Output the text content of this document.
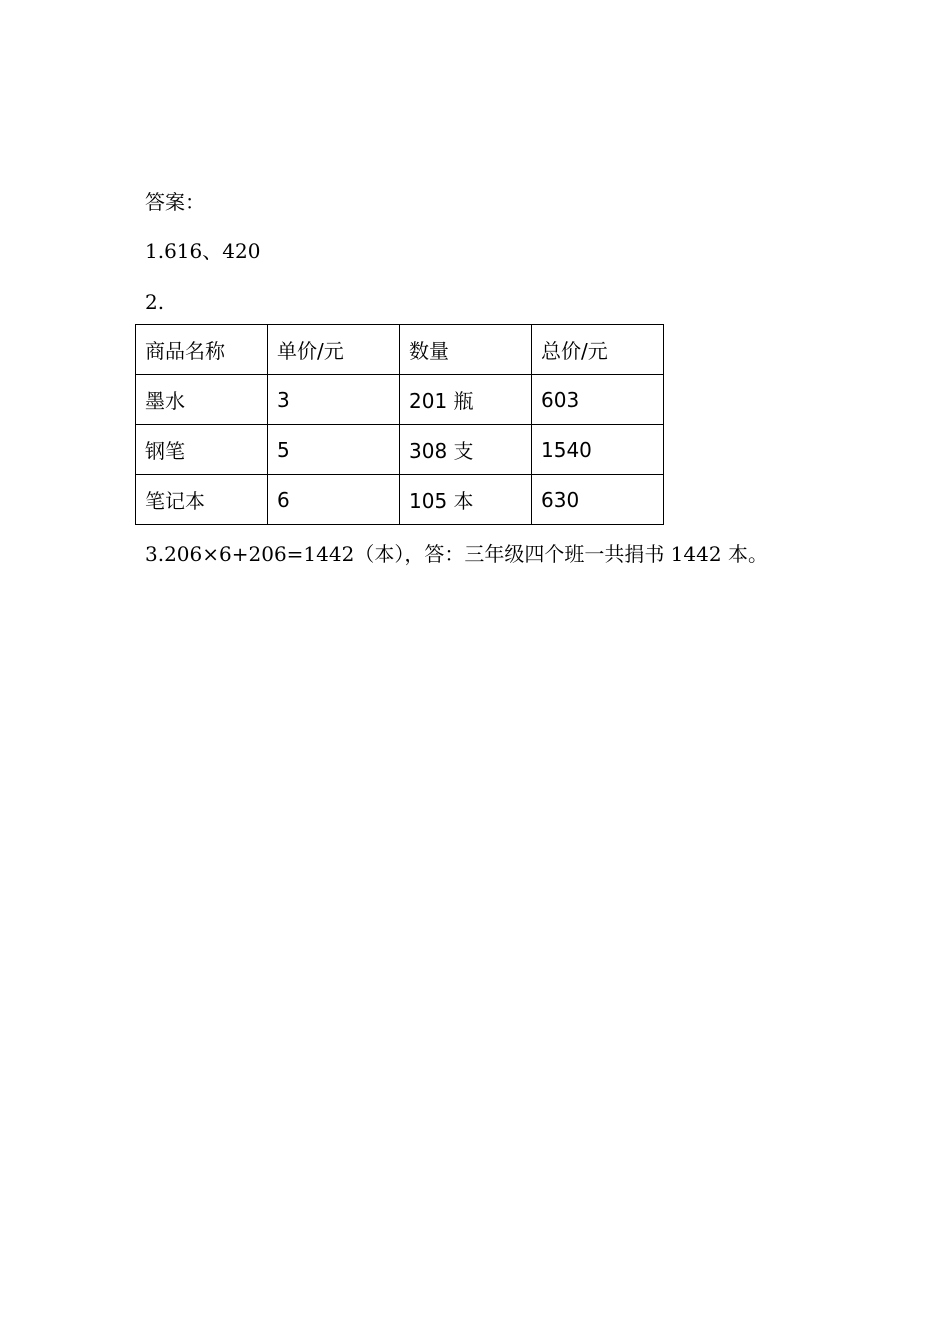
答案：
1.616、420
2.
商品名称	单价/元	数量	总价/元
墨水	3	201 瓶	603
钢笔	5	308 支	1540
笔记本	6	105 本	630
3.206×6+206=1442（本），答：三年级四个班一共捐书 1442 本。
